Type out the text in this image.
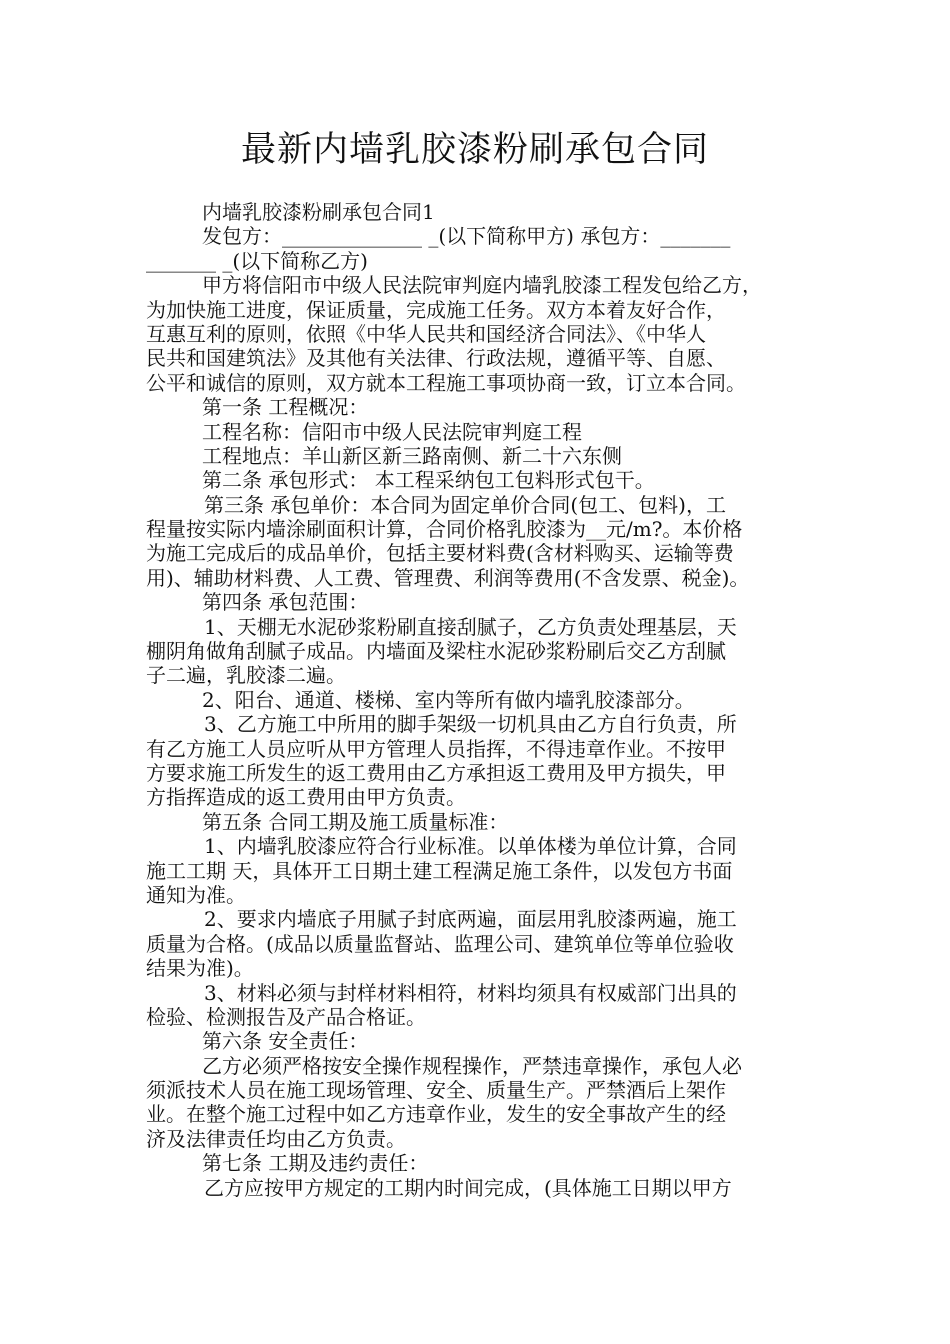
最新内墙乳胶漆粉刷承包合同
内墙乳胶漆粉刷承包合同1
发包方：______________ _(以下简称甲方) 承包方：_______
_______ _(以下简称乙方)
甲方将信阳市中级人民法院审判庭内墙乳胶漆工程发包给乙方，
为加快施工进度，保证质量，完成施工任务。双方本着友好合作，
互惠互利的原则，依照《中华人民共和国经济合同法》、《中华人
民共和国建筑法》及其他有关法律、行政法规，遵循平等、自愿、
公平和诚信的原则，双方就本工程施工事项协商一致，订立本合同。
第一条 工程概况：
工程名称：信阳市中级人民法院审判庭工程
工程地点：羊山新区新三路南侧、新二十六东侧
第二条 承包形式： 本工程采纳包工包料形式包干。
第三条 承包单价：本合同为固定单价合同(包工、包料)，工
程量按实际内墙涂刷面积计算，合同价格乳胶漆为__元/m?。本价格
为施工完成后的成品单价，包括主要材料费(含材料购买、运输等费
用)、辅助材料费、人工费、管理费、利润等费用(不含发票、税金)。
第四条 承包范围：
1、天棚无水泥砂浆粉刷直接刮腻子，乙方负责处理基层，天
棚阴角做角刮腻子成品。内墙面及梁柱水泥砂浆粉刷后交乙方刮腻
子二遍，乳胶漆二遍。
2、阳台、通道、楼梯、室内等所有做内墙乳胶漆部分。
3、乙方施工中所用的脚手架级一切机具由乙方自行负责，所
有乙方施工人员应听从甲方管理人员指挥，不得违章作业。不按甲
方要求施工所发生的返工费用由乙方承担返工费用及甲方损失，甲
方指挥造成的返工费用由甲方负责。
第五条 合同工期及施工质量标准：
1、内墙乳胶漆应符合行业标准。以单体楼为单位计算，合同
施工工期 天，具体开工日期土建工程满足施工条件，以发包方书面
通知为准。
2、要求内墙底子用腻子封底两遍，面层用乳胶漆两遍，施工
质量为合格。(成品以质量监督站、监理公司、建筑单位等单位验收
结果为准)。
3、材料必须与封样材料相符，材料均须具有权威部门出具的
检验、检测报告及产品合格证。
第六条 安全责任：
乙方必须严格按安全操作规程操作，严禁违章操作，承包人必
须派技术人员在施工现场管理、安全、质量生产。严禁酒后上架作
业。在整个施工过程中如乙方违章作业，发生的安全事故产生的经
济及法律责任均由乙方负责。
第七条 工期及违约责任：
乙方应按甲方规定的工期内时间完成，(具体施工日期以甲方
